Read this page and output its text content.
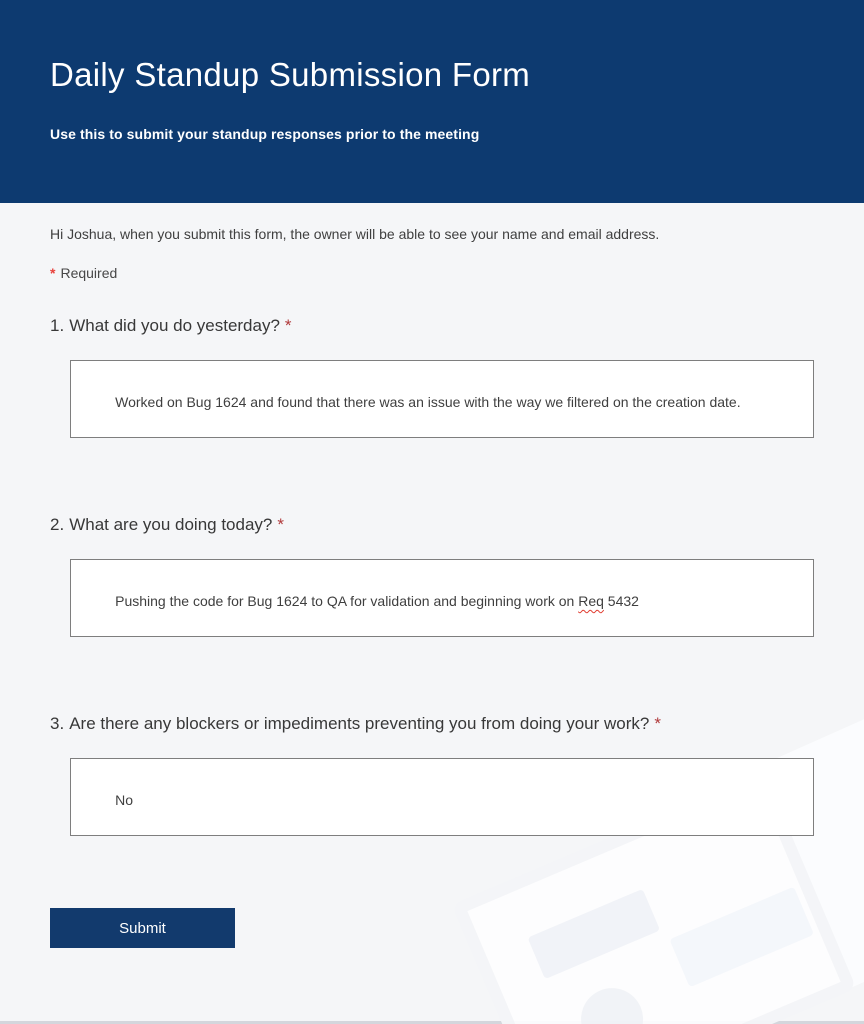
Daily Standup Submission Form
Use this to submit your standup responses prior to the meeting
Hi Joshua, when you submit this form, the owner will be able to see your name and email address.
* Required
1. What did you do yesterday? *

Worked on Bug 1624 and found that there was an issue with the way we filtered on the creation date.

2. What are you doing today? *

Pushing the code for Bug 1624 to QA for validation and beginning work on Req 5432

3. Are there any blockers or impediments preventing you from doing your work? *

No

Submit
